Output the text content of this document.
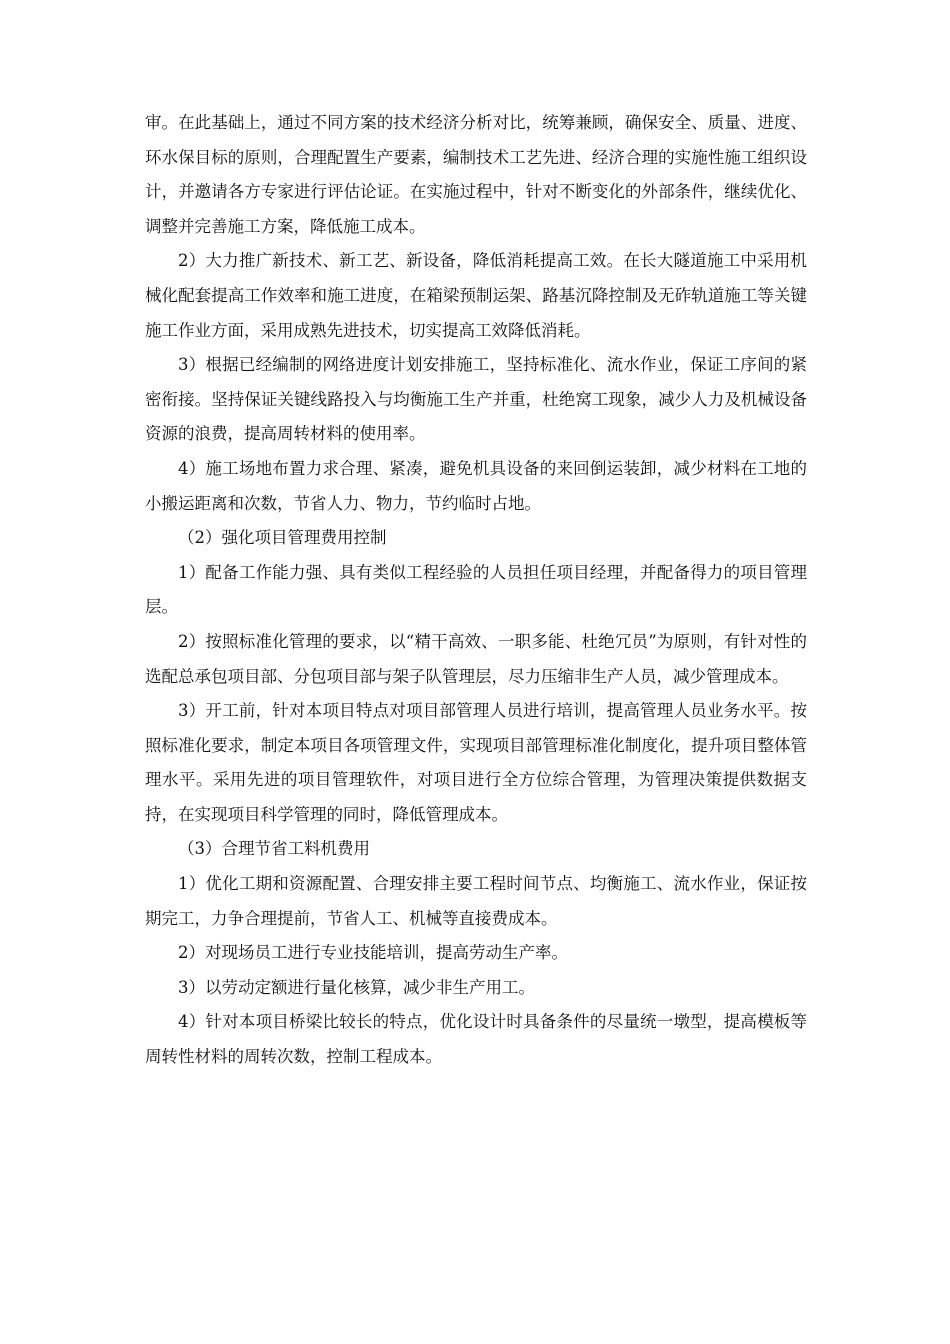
审。在此基础上，通过不同方案的技术经济分析对比，统筹兼顾，确保安全、质量、进度、环水保目标的原则，合理配置生产要素，编制技术工艺先进、经济合理的实施性施工组织设计，并邀请各方专家进行评估论证。在实施过程中，针对不断变化的外部条件，继续优化、调整并完善施工方案，降低施工成本。

2）大力推广新技术、新工艺、新设备，降低消耗提高工效。在长大隧道施工中采用机械化配套提高工作效率和施工进度，在箱梁预制运架、路基沉降控制及无砟轨道施工等关键施工作业方面，采用成熟先进技术，切实提高工效降低消耗。

3）根据已经编制的网络进度计划安排施工，坚持标准化、流水作业，保证工序间的紧密衔接。坚持保证关键线路投入与均衡施工生产并重，杜绝窝工现象，减少人力及机械设备资源的浪费，提高周转材料的使用率。

4）施工场地布置力求合理、紧凑，避免机具设备的来回倒运装卸，减少材料在工地的小搬运距离和次数，节省人力、物力，节约临时占地。

（2）强化项目管理费用控制

1）配备工作能力强、具有类似工程经验的人员担任项目经理，并配备得力的项目管理层。

2）按照标准化管理的要求，以“精干高效、一职多能、杜绝冗员”为原则，有针对性的选配总承包项目部、分包项目部与架子队管理层，尽力压缩非生产人员，减少管理成本。

3）开工前，针对本项目特点对项目部管理人员进行培训，提高管理人员业务水平。按照标准化要求，制定本项目各项管理文件，实现项目部管理标准化制度化，提升项目整体管理水平。采用先进的项目管理软件，对项目进行全方位综合管理，为管理决策提供数据支持，在实现项目科学管理的同时，降低管理成本。

（3）合理节省工料机费用

1）优化工期和资源配置、合理安排主要工程时间节点、均衡施工、流水作业，保证按期完工，力争合理提前，节省人工、机械等直接费成本。

2）对现场员工进行专业技能培训，提高劳动生产率。

3）以劳动定额进行量化核算，减少非生产用工。

4）针对本项目桥梁比较长的特点，优化设计时具备条件的尽量统一墩型，提高模板等周转性材料的周转次数，控制工程成本。
